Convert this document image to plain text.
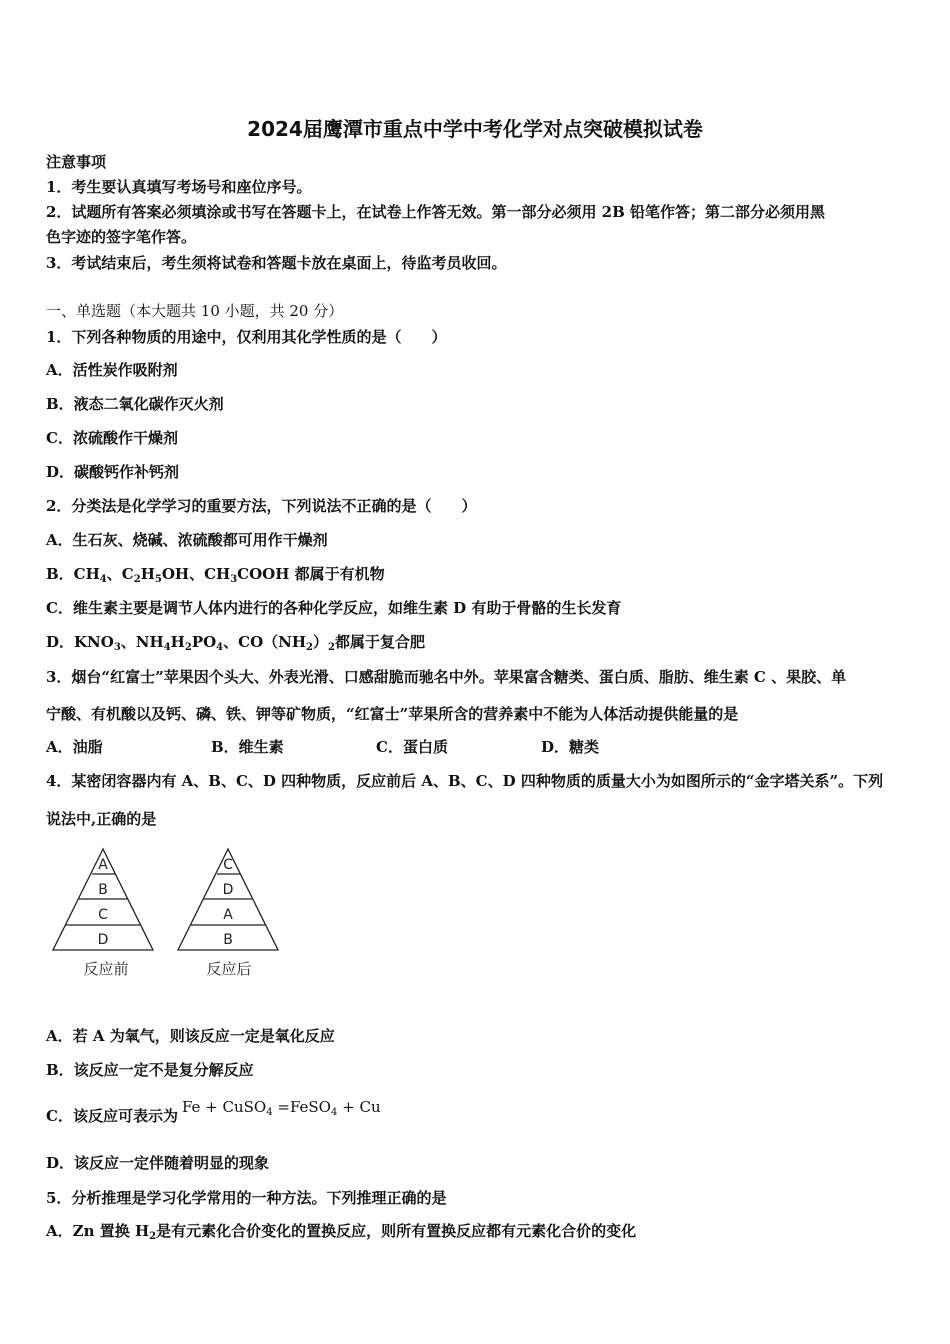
2024届鹰潭市重点中学中考化学对点突破模拟试卷
注意事项
1．考生要认真填写考场号和座位序号。
2．试题所有答案必须填涂或书写在答题卡上，在试卷上作答无效。第一部分必须用 2B 铅笔作答；第二部分必须用黑
色字迹的签字笔作答。
3．考试结束后，考生须将试卷和答题卡放在桌面上，待监考员收回。
一、单选题（本大题共 10 小题，共 20 分）
1．下列各种物质的用途中，仅利用其化学性质的是（　　）
A．活性炭作吸附剂
B．液态二氧化碳作灭火剂
C．浓硫酸作干燥剂
D．碳酸钙作补钙剂
2．分类法是化学学习的重要方法，下列说法不正确的是（　　）
A．生石灰、烧碱、浓硫酸都可用作干燥剂
B．$CH_4$、$C_2H_5OH$、$CH_3COOH$ 都属于有机物
C．维生素主要是调节人体内进行的各种化学反应，如维生素 D 有助于骨骼的生长发育
D．$KNO_3$、$NH_4H_2PO_4$、$CO(NH_2)_2$都属于复合肥
3．烟台“红富士”苹果因个头大、外表光滑、口感甜脆而驰名中外。苹果富含糖类、蛋白质、脂肪、维生素 C 、果胶、单
宁酸、有机酸以及钙、磷、铁、钾等矿物质，“红富士”苹果所含的营养素中不能为人体活动提供能量的是
A．油脂	B．维生素	C．蛋白质	D．糖类
4．某密闭容器内有 A、B、C、D 四种物质，反应前后 A、B、C、D 四种物质的质量大小为如图所示的“金字塔关系”。下列
说法中,正确的是
A
B
C
D
C
D
A
B
反应前	反应后
A．若 A 为氧气，则该反应一定是氧化反应
B．该反应一定不是复分解反应
C．该反应可表示为 Fe + CuSO$_4$ =FeSO$_4$ + Cu
D．该反应一定伴随着明显的现象
5．分析推理是学习化学常用的一种方法。下列推理正确的是
A．Zn 置换 $H_2$是有元素化合价变化的置换反应，则所有置换反应都有元素化合价的变化
